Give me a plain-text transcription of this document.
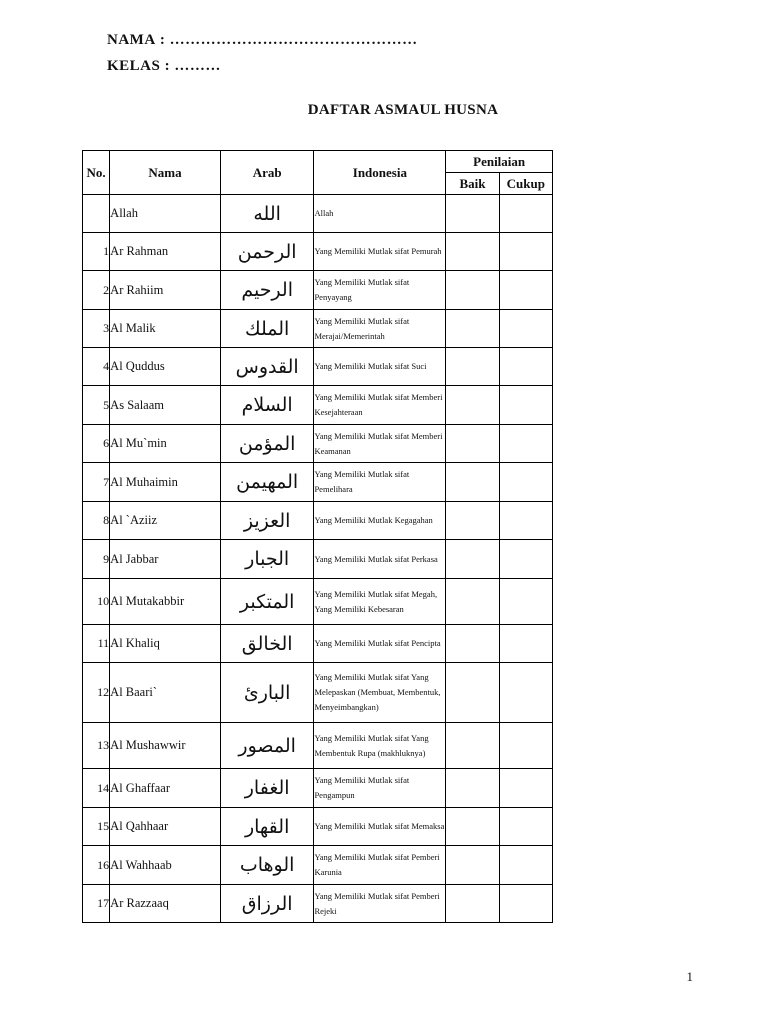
NAMA : …………………………………………
KELAS : ………
DAFTAR ASMAUL HUSNA
No.	Nama	Arab	Indonesia	Penilaian	
				Baik	Cukup
	Allah	الله	Allah		
1	Ar Rahman	الرحمن	Yang Memiliki Mutlak sifat Pemurah		
2	Ar Rahiim	الرحيم	Yang Memiliki Mutlak sifat Penyayang		
3	Al Malik	الملك	Yang Memiliki Mutlak sifat Merajai/Memerintah		
4	Al Quddus	القدوس	Yang Memiliki Mutlak sifat Suci		
5	As Salaam	السلام	Yang Memiliki Mutlak sifat Memberi Kesejahteraan		
6	Al Mu`min	المؤمن	Yang Memiliki Mutlak sifat Memberi Keamanan		
7	Al Muhaimin	المهيمن	Yang Memiliki Mutlak sifat Pemelihara		
8	Al `Aziiz	العزيز	Yang Memiliki Mutlak Kegagahan		
9	Al Jabbar	الجبار	Yang Memiliki Mutlak sifat Perkasa		
10	Al Mutakabbir	المتكبر	Yang Memiliki Mutlak sifat Megah, Yang Memiliki Kebesaran		
11	Al Khaliq	الخالق	Yang Memiliki Mutlak sifat Pencipta		
12	Al Baari`	البارئ	Yang Memiliki Mutlak sifat Yang Melepaskan (Membuat, Membentuk, Menyeimbangkan)		
13	Al Mushawwir	المصور	Yang Memiliki Mutlak sifat Yang Membentuk Rupa (makhluknya)		
14	Al Ghaffaar	الغفار	Yang Memiliki Mutlak sifat Pengampun		
15	Al Qahhaar	القهار	Yang Memiliki Mutlak sifat Memaksa		
16	Al Wahhaab	الوهاب	Yang Memiliki Mutlak sifat Pemberi Karunia		
17	Ar Razzaaq	الرزاق	Yang Memiliki Mutlak sifat Pemberi Rejeki		
1
